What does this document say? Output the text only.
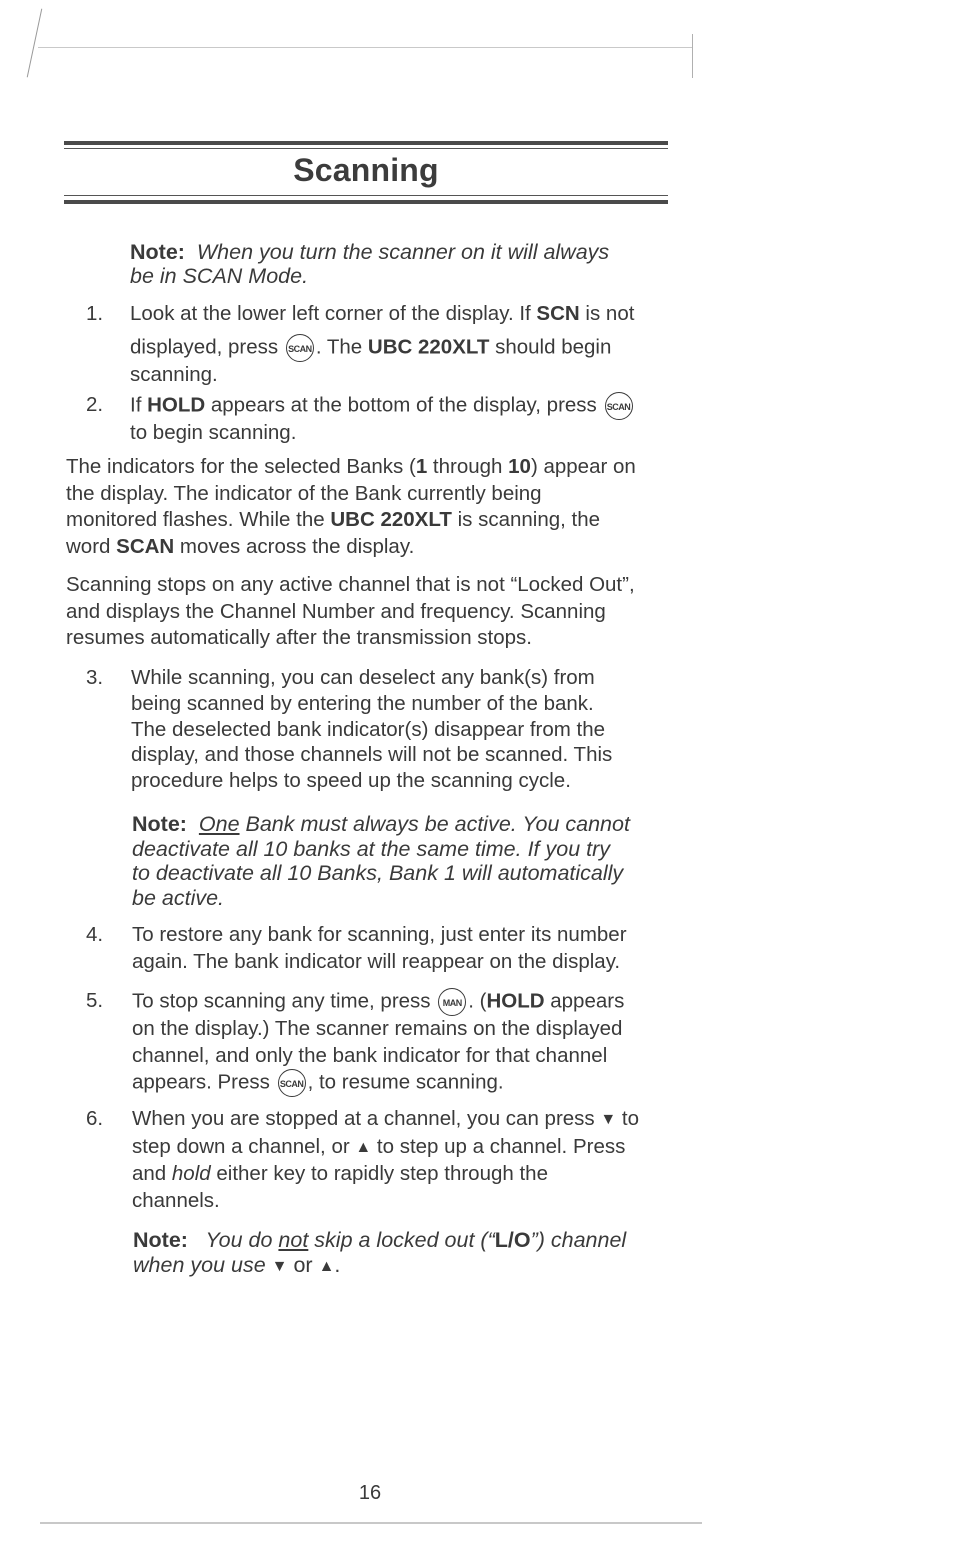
Scanning

Note: When you turn the scanner on it will always

be in SCAN Mode.

1. Look at the lower left corner of the display. If SCN is not

displayed, press SCAN . The UBC 220XLT should begin

scanning.

2. If HOLD appears at the bottom of the display, press SCAN

to begin scanning.

The indicators for the selected Banks (1 through 10) appear on

the display. The indicator of the Bank currently being

monitored flashes. While the UBC 220XLT is scanning, the

word SCAN moves across the display.

Scanning stops on any active channel that is not “Locked Out”,

and displays the Channel Number and frequency. Scanning

resumes automatically after the transmission stops.

3. While scanning, you can deselect any bank(s) from

being scanned by entering the number of the bank.

The deselected bank indicator(s) disappear from the

display, and those channels will not be scanned. This

procedure helps to speed up the scanning cycle.

Note: One Bank must always be active. You cannot

deactivate all 10 banks at the same time. If you try

to deactivate all 10 Banks, Bank 1 will automatically

be active.

4. To restore any bank for scanning, just enter its number

again. The bank indicator will reappear on the display.

5. To stop scanning any time, press MAN . (HOLD appears

on the display.) The scanner remains on the displayed

channel, and only the bank indicator for that channel

appears. Press SCAN , to resume scanning.

6. When you are stopped at a channel, you can press ▼ to

step down a channel, or ▲ to step up a channel. Press

and hold either key to rapidly step through the

channels.

Note: You do not skip a locked out (“L/O”) channel

when you use ▼ or ▲.

16
